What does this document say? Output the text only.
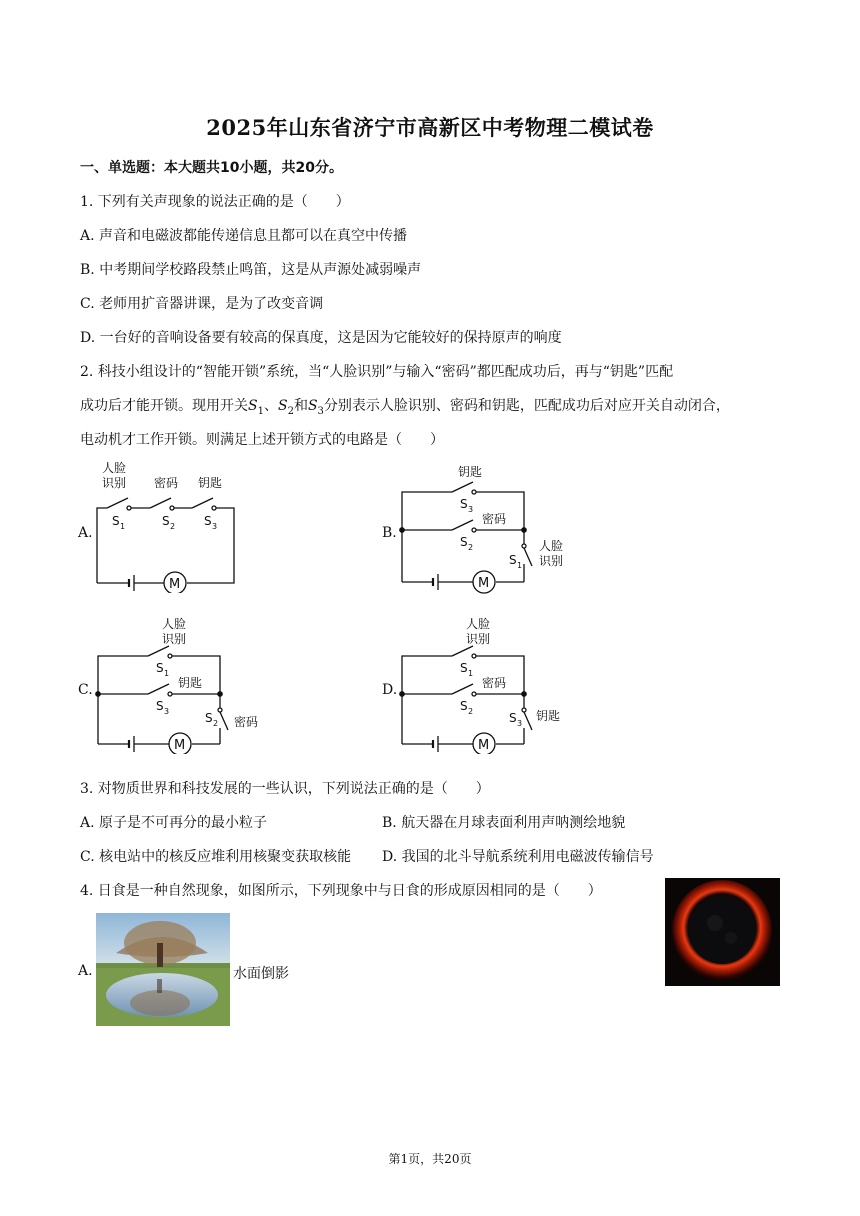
2025年山东省济宁市高新区中考物理二模试卷
一、单选题：本大题共10小题，共20分。
1. 下列有关声现象的说法正确的是（　　）
A. 声音和电磁波都能传递信息且都可以在真空中传播
B. 中考期间学校路段禁止鸣笛，这是从声源处减弱噪声
C. 老师用扩音器讲课，是为了改变音调
D. 一台好的音响设备要有较高的保真度，这是因为它能较好的保持原声的响度
2. 科技小组设计的“智能开锁”系统，当“人脸识别”与输入“密码”都匹配成功后，再与“钥匙”匹配
成功后才能开锁。现用开关$S_1$、$S_2$和$S_3$分别表示人脸识别、密码和钥匙，匹配成功后对应开关自动闭合，
电动机才工作开锁。则满足上述开锁方式的电路是（　　）
A.
人脸
识别 密码 钥匙
M
S 1	S 2 S 3	B.
钥匙
S 3
密码
S 2
S 1
人脸
识别
M
C.
人脸
识别
S 1
钥匙
S 3	S 2 密码
M
D.
人脸
识别
S 1
密码
S 2	S 3
钥匙
M
3. 对物质世界和科技发展的一些认识，下列说法正确的是（　　）
A. 原子是不可再分的最小粒子	B. 航天器在月球表面利用声呐测绘地貌
C. 核电站中的核反应堆利用核聚变获取核能 D. 我国的北斗导航系统利用电磁波传输信号
4. 日食是一种自然现象，如图所示，下列现象中与日食的形成原因相同的是（　　）
A.	水面倒影
第1页，共20页
